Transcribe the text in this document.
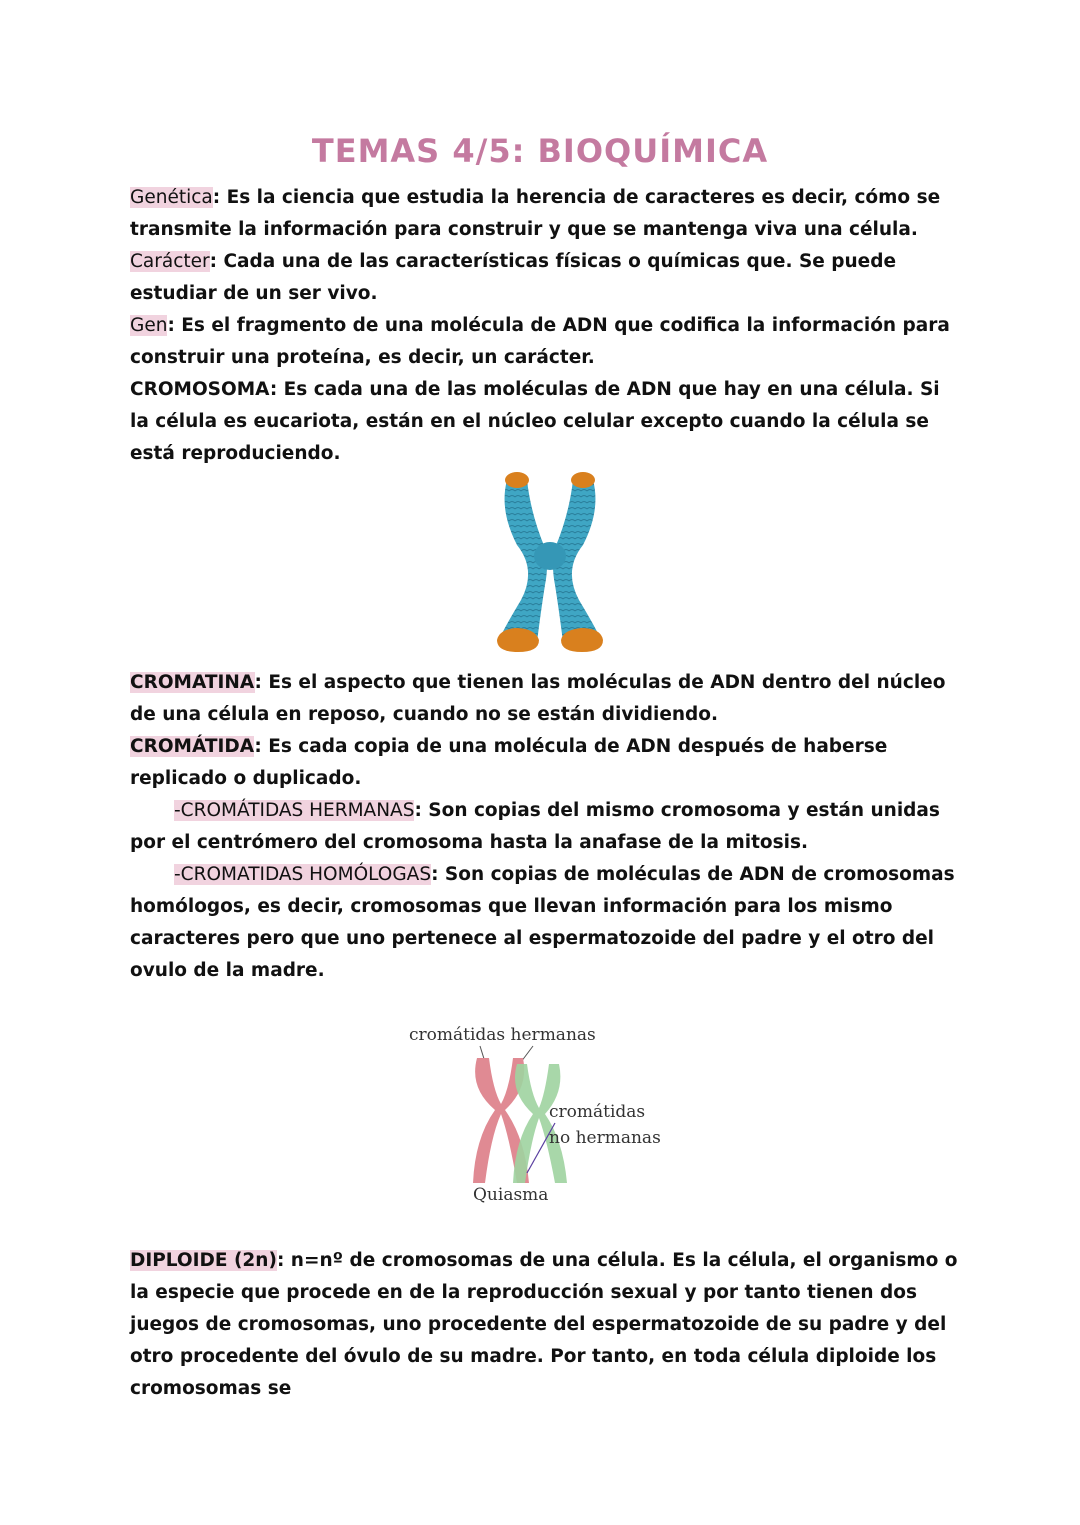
TEMAS 4/5: BIOQUÍMICA
Genética: Es la ciencia que estudia la herencia de caracteres es decir, cómo se transmite la información para construir y que se mantenga viva una célula.
Carácter: Cada una de las características físicas o químicas que. Se puede estudiar de un ser vivo.
Gen: Es el fragmento de una molécula de ADN que codifica la información para construir una proteína, es decir, un carácter.
CROMOSOMA: Es cada una de las moléculas de ADN que hay en una célula. Si la célula es eucariota, están en el núcleo celular excepto cuando la célula se está reproduciendo.
CROMATINA: Es el aspecto que tienen las moléculas de ADN dentro del núcleo de una célula en reposo, cuando no se están dividiendo.
CROMÁTIDA: Es cada copia de una molécula de ADN después de haberse replicado o duplicado.
-CROMÁTIDAS HERMANAS: Son copias del mismo cromosoma y están unidas por el centrómero del cromosoma hasta la anafase de la mitosis.
-CROMATIDAS HOMÓLOGAS: Son copias de moléculas de ADN de cromosomas homólogos, es decir, cromosomas que llevan información para los mismo caracteres pero que uno pertenece al espermatozoide del padre y el otro del ovulo de la madre.
cromátidas hermanas
cromátidas
no hermanas
Quiasma
DIPLOIDE (2n): n=nº de cromosomas de una célula. Es la célula, el organismo o la especie que procede en de la reproducción sexual y por tanto tienen dos juegos de cromosomas, uno procedente del espermatozoide de su padre y del otro procedente del óvulo de su madre. Por tanto, en toda célula diploide los cromosomas se
